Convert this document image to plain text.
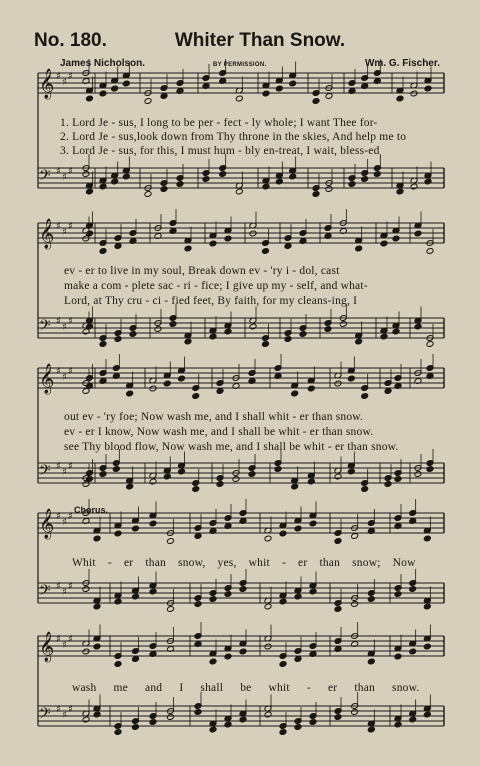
No. 180.	Whiter Than Snow.
James Nicholson.	BY PERMISSION.	Wm. G. Fischer.
𝄞 ♯
♯
♯
𝄢 ♯
♯
♯
𝄞 ♯
♯
♯
𝄢 ♯
♯
♯
𝄞 ♯
♯
♯
𝄢 ♯
♯
♯
𝄞 ♯
♯
♯
𝄢 ♯
♯
♯
𝄞 ♯
♯
♯
𝄢 ♯
♯
♯
1. Lord Je - sus, I long to be per - fect - ly whole; I want Thee for-
2. Lord Je - sus,look down from Thy throne in the skies, And help me to
3. Lord Je - sus, for this, I must hum - bly en-treat, I wait, bless-ed
ev - er to live in my soul, Break down ev - 'ry i - dol, cast
make a com - plete sac - ri - fice; I give up my - self, and what-
Lord, at Thy cru - ci - fied feet, By faith, for my cleans-ing, I
out ev - 'ry foe; Now wash me, and I shall whit - er than snow.
ev - er I know, Now wash me, and I shall be whit - er than snow.
see Thy blood flow, Now wash me, and I shall be whit - er than snow.
Chorus.
Whit - er than snow, yes, whit - er than snow; Now
wash me and I shall be whit - er than snow.
